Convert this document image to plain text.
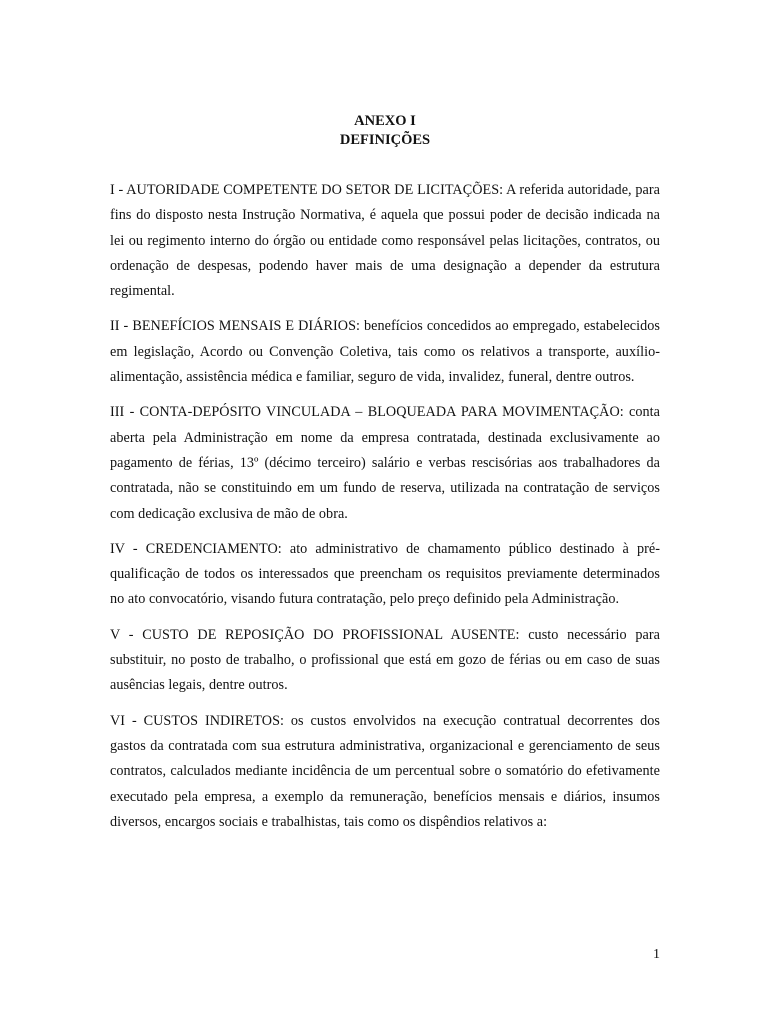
ANEXO I
DEFINIÇÕES

I - AUTORIDADE COMPETENTE DO SETOR DE LICITAÇÕES: A referida autoridade, para fins do disposto nesta Instrução Normativa, é aquela que possui poder de decisão indicada na lei ou regimento interno do órgão ou entidade como responsável pelas licitações, contratos, ou ordenação de despesas, podendo haver mais de uma designação a depender da estrutura regimental.

II - BENEFÍCIOS MENSAIS E DIÁRIOS: benefícios concedidos ao empregado, estabelecidos em legislação, Acordo ou Convenção Coletiva, tais como os relativos a transporte, auxílio-alimentação, assistência médica e familiar, seguro de vida, invalidez, funeral, dentre outros.

III - CONTA-DEPÓSITO VINCULADA – BLOQUEADA PARA MOVIMENTAÇÃO: conta aberta pela Administração em nome da empresa contratada, destinada exclusivamente ao pagamento de férias, 13º (décimo terceiro) salário e verbas rescisórias aos trabalhadores da contratada, não se constituindo em um fundo de reserva, utilizada na contratação de serviços com dedicação exclusiva de mão de obra.

IV - CREDENCIAMENTO: ato administrativo de chamamento público destinado à pré-qualificação de todos os interessados que preencham os requisitos previamente determinados no ato convocatório, visando futura contratação, pelo preço definido pela Administração.

V - CUSTO DE REPOSIÇÃO DO PROFISSIONAL AUSENTE: custo necessário para substituir, no posto de trabalho, o profissional que está em gozo de férias ou em caso de suas ausências legais, dentre outros.

VI - CUSTOS INDIRETOS: os custos envolvidos na execução contratual decorrentes dos gastos da contratada com sua estrutura administrativa, organizacional e gerenciamento de seus contratos, calculados mediante incidência de um percentual sobre o somatório do efetivamente executado pela empresa, a exemplo da remuneração, benefícios mensais e diários, insumos diversos, encargos sociais e trabalhistas, tais como os dispêndios relativos a:

1
